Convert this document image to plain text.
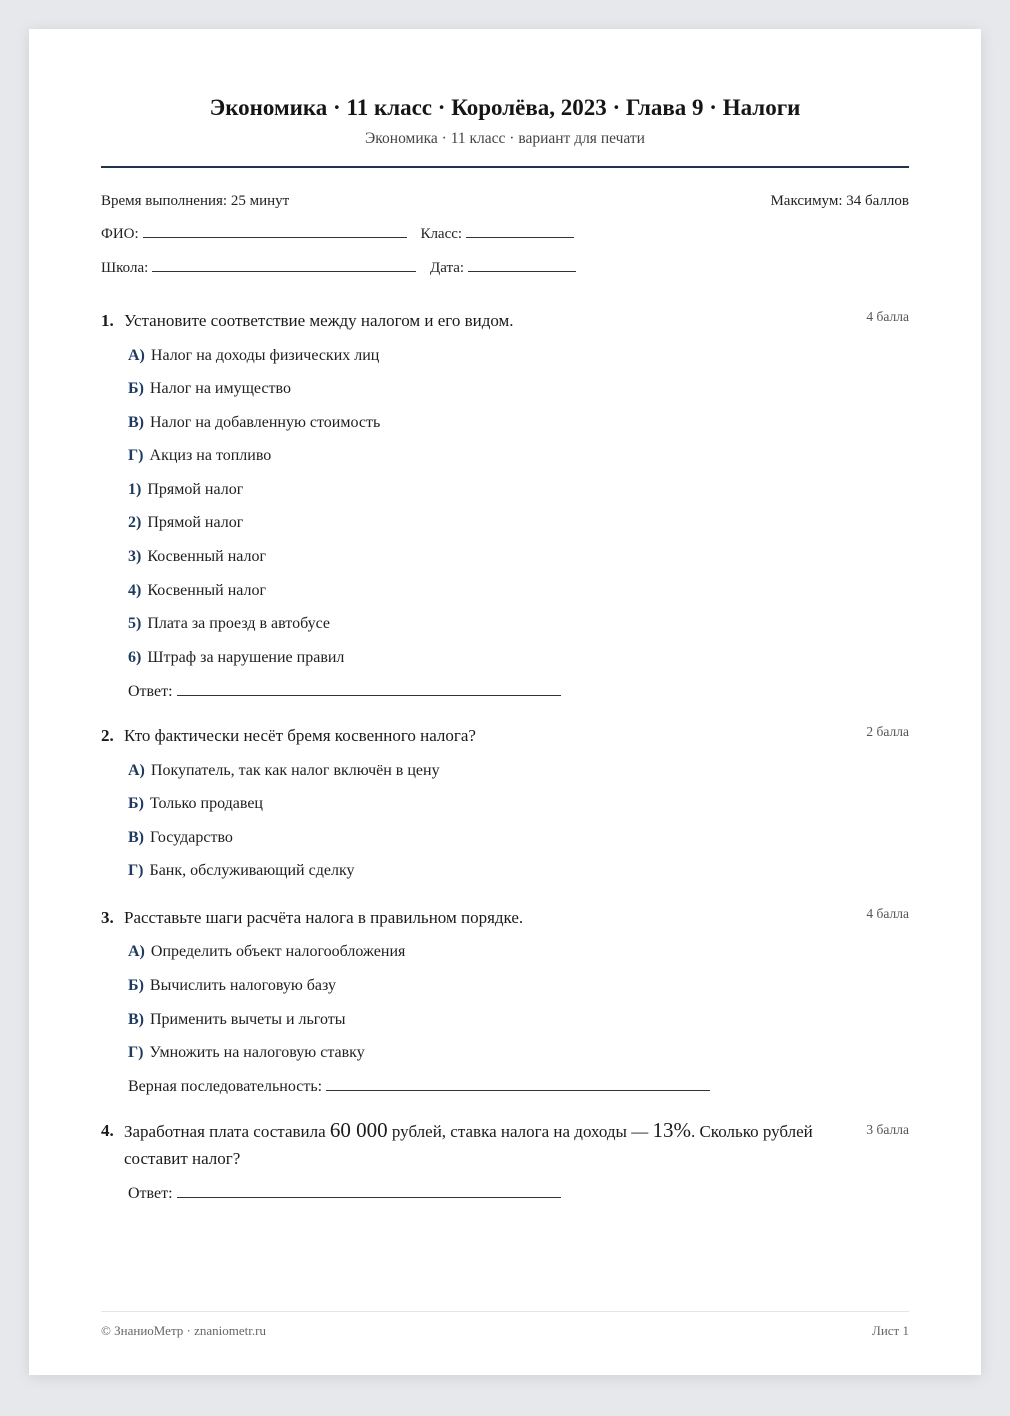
Экономика · 11 класс · Королёва, 2023 · Глава 9 · Налоги
Экономика · 11 класс · вариант для печати
Время выполнения: 25 минут	Максимум: 34 баллов
ФИО:	Класс:
Школа:	Дата:
1. Установите соответствие между налогом и его видом.	4 балла
А) Налог на доходы физических лиц
Б) Налог на имущество
В) Налог на добавленную стоимость
Г) Акциз на топливо
1) Прямой налог
2) Прямой налог
3) Косвенный налог
4) Косвенный налог
5) Плата за проезд в автобусе
6) Штраф за нарушение правил
Ответ:
2. Кто фактически несёт бремя косвенного налога?	2 балла
А) Покупатель, так как налог включён в цену
Б) Только продавец
В) Государство
Г) Банк, обслуживающий сделку
3. Расставьте шаги расчёта налога в правильном порядке.	4 балла
А) Определить объект налогообложения
Б) Вычислить налоговую базу
В) Применить вычеты и льготы
Г) Умножить на налоговую ставку
Верная последовательность:
4. Заработная плата составила 60 000 рублей, ставка налога на доходы — 13%. Сколько рублей составит налог?
3 балла
Ответ:
© ЗнаниоМетр · znaniometr.ru	Лист 1
